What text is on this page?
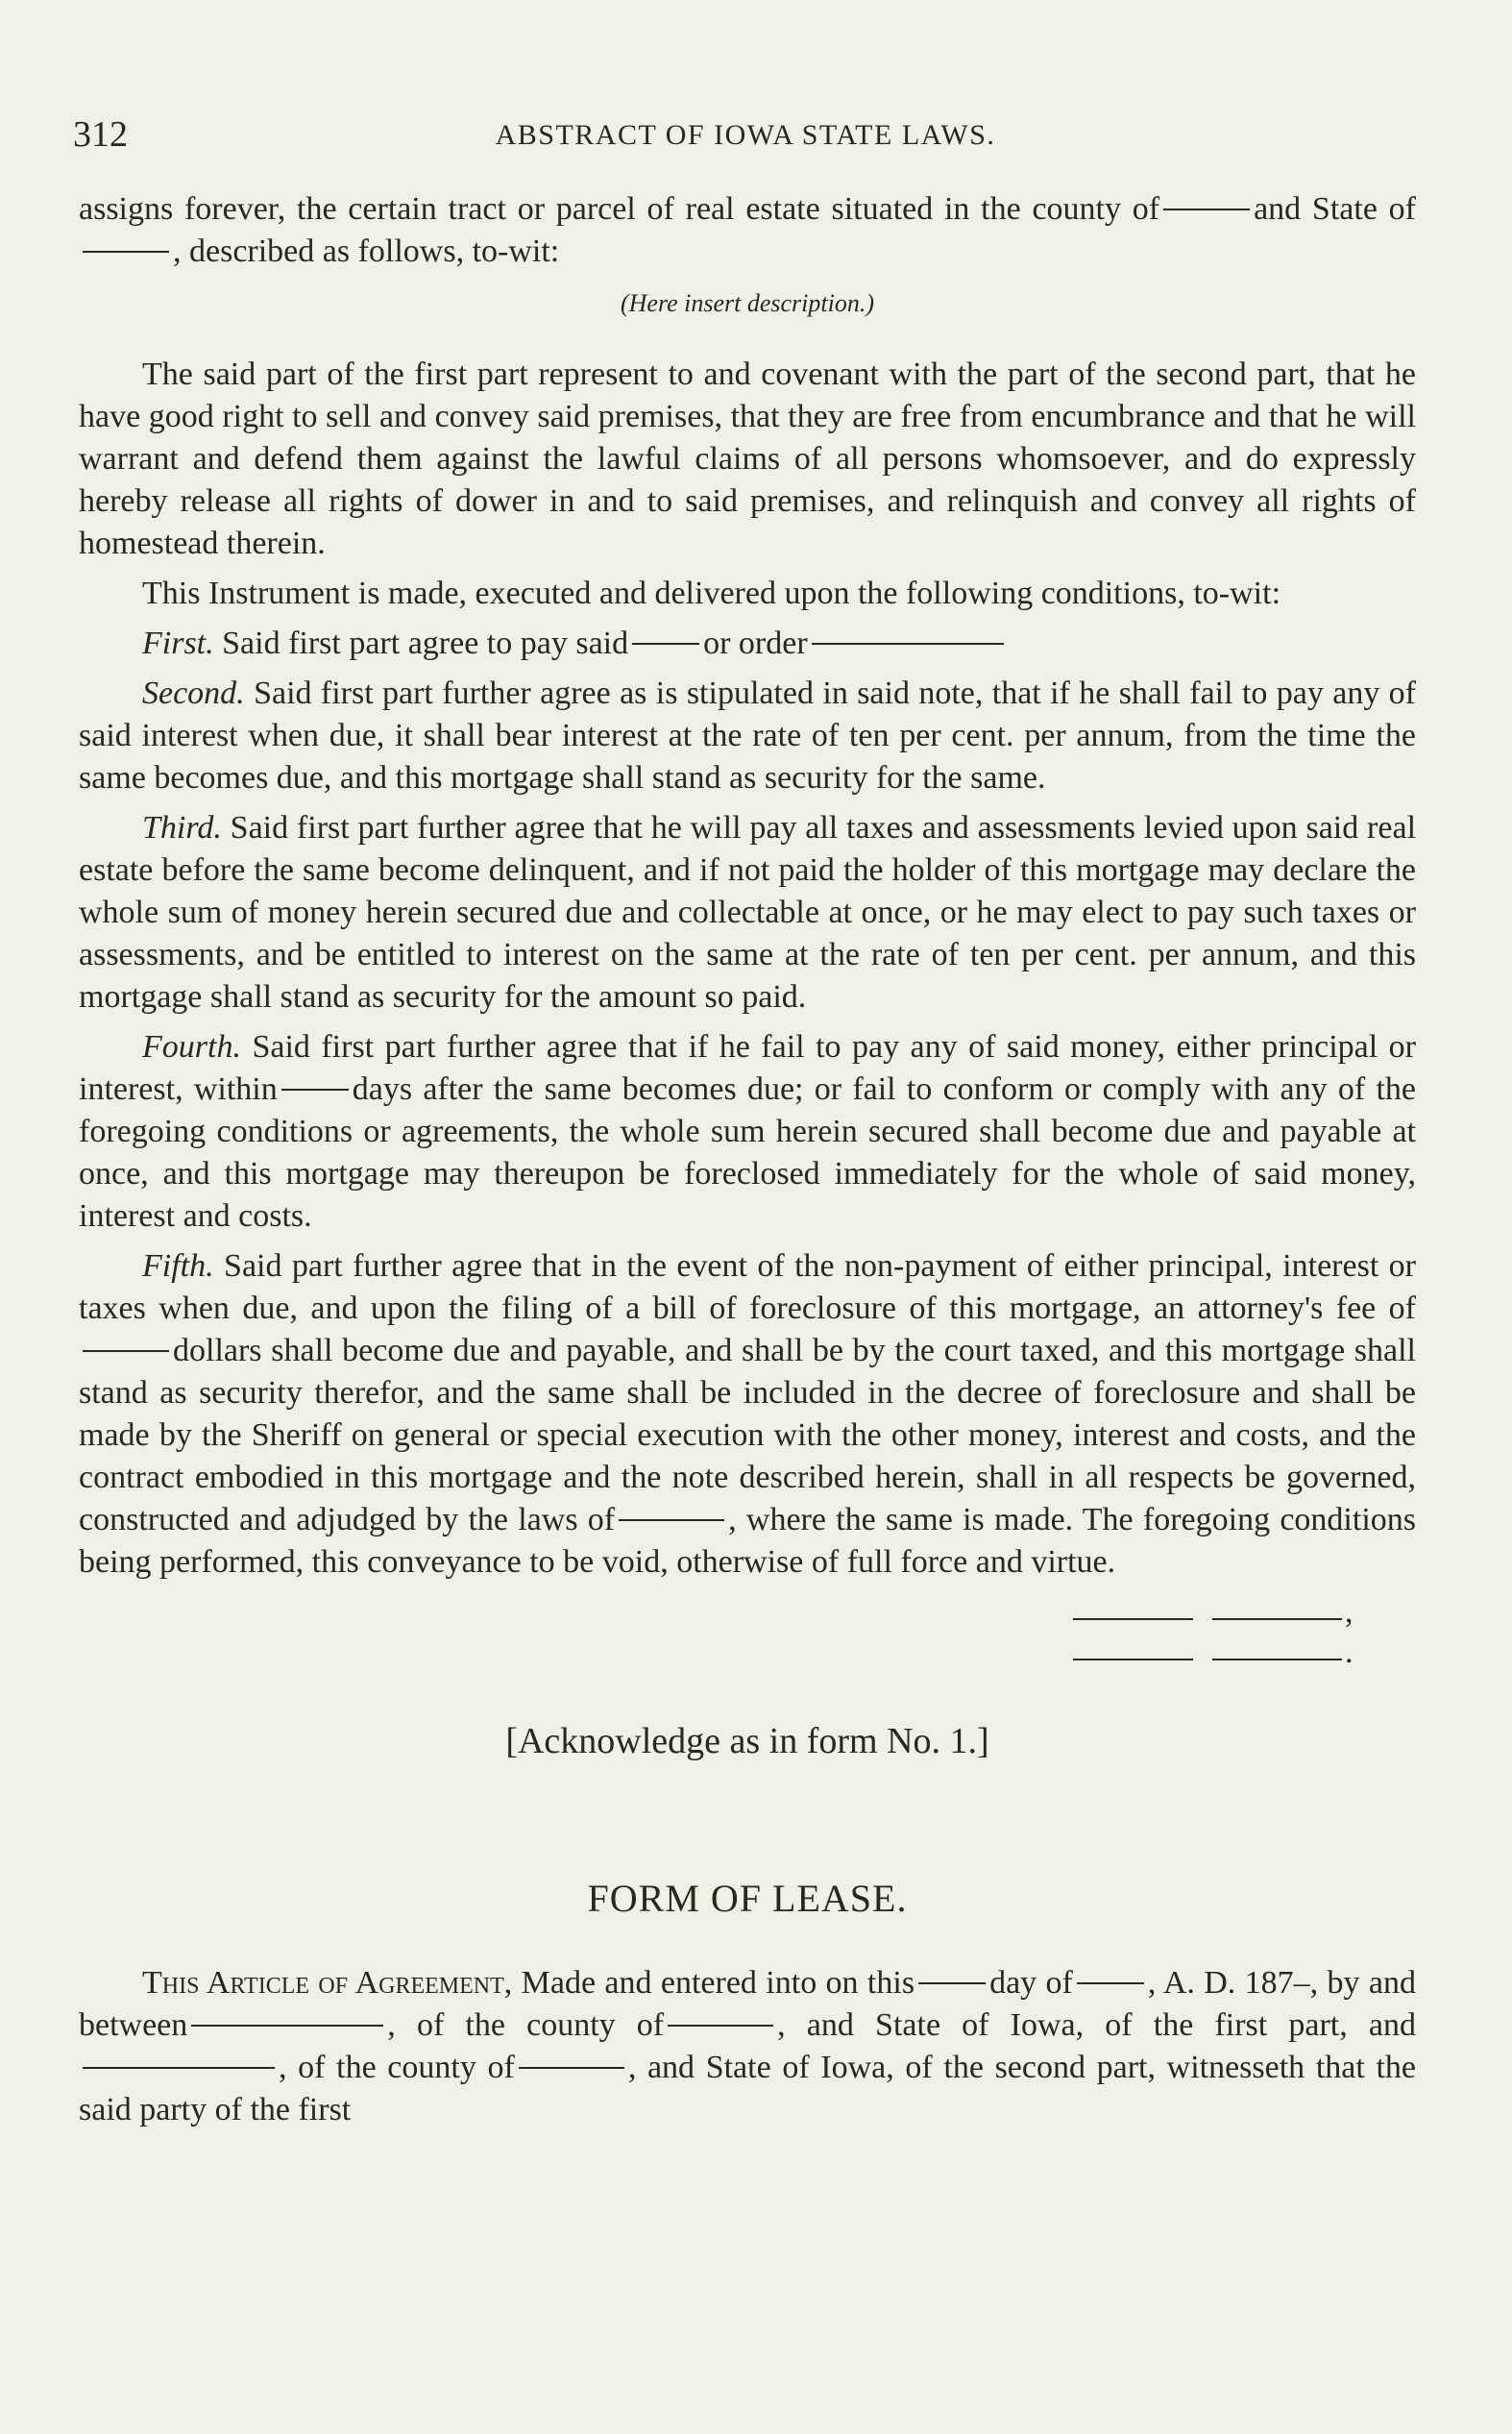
312	ABSTRACT OF IOWA STATE LAWS.

assigns forever, the certain tract or parcel of real estate situated in the county of	and State of, described as follows, to-wit:

(Here insert description.)

The said part of the first part represent to and covenant with the part of the second part, that he have good right to sell and convey said premises, that they are free from encumbrance and that he will warrant and defend them against the lawful claims of all persons whomsoever, and do expressly hereby release all rights of dower in and to said premises, and relinquish and convey all rights of homestead therein.

This Instrument is made, executed and delivered upon the following conditions, to-wit:

First. Said first part agree to pay said or order

Second. Said first part further agree as is stipulated in said note, that if he shall fail to pay any of said interest when due, it shall bear interest at the rate of ten per cent. per annum, from the time the same becomes due, and this mortgage shall stand as security for the same.

Third. Said first part further agree that he will pay all taxes and assessments levied upon said real estate before the same become delinquent, and if not paid the holder of this mortgage may declare the whole sum of money herein secured due and collectable at once, or he may elect to pay such taxes or assessments, and be entitled to interest on the same at the rate of ten per cent. per annum, and this mortgage shall stand as security for the amount so paid.

Fourth. Said first part further agree that if he fail to pay any of said money, either principal or interest, within days after the same becomes due; or fail to conform or comply with any of the foregoing conditions or agreements, the whole sum herein secured shall become due and payable at once, and this mortgage may thereupon be foreclosed immediately for the whole of said money, interest and costs.

Fifth. Said part further agree that in the event of the non-payment of either principal, interest or taxes when due, and upon the filing of a bill of foreclosure of this mortgage, an attorney's fee ofdollars shall become due and payable, and shall be by the court taxed, and this mortgage shall stand as security therefor, and the same shall be included in the decree of foreclosure and shall be made by the Sheriff on general or special execution with the other money, interest and costs, and the contract embodied in this mortgage and the note described herein, shall in all respects be governed, constructed and adjudged by the laws of	, where the same is made. The foregoing conditions being performed, this conveyance to be void, otherwise of full force and virtue.

,
.

[Acknowledge as in form No. 1.]

FORM OF LEASE.

This Article of Agreement, Made and entered into on this day of , A. D. 187–, by and between	, of the county of	, and State of Iowa, of the first part, and, of the county of	, and State of Iowa, of the second part, witnesseth that the said party of the first
